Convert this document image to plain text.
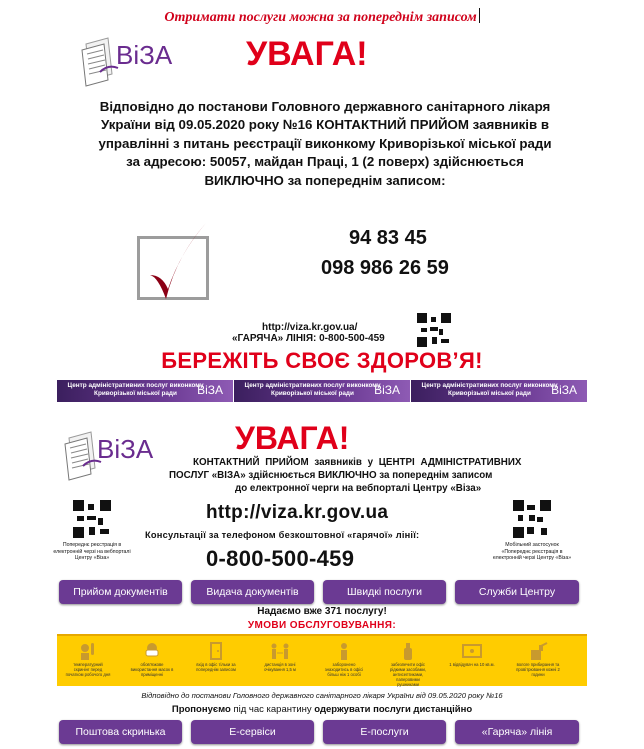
Отримати послуги можна за попереднім записом
ВіЗА УВАГА!
Відповідно до постанови Головного державного санітарного лікаря
України від 09.05.2020 року №16 КОНТАКТНИЙ ПРИЙОМ заявників в
управлінні з питань реєстрації виконкому Криворізької міської ради
за адресою: 50057, майдан Праці, 1 (2 поверх) здійснюється
ВИКЛЮЧНО за попереднім записом:
94 83 45
098 986 26 59
http://viza.kr.gov.ua/
«ГАРЯЧА» ЛІНІЯ: 0-800-500-459
БЕРЕЖІТЬ СВОЄ ЗДОРОВ’Я!
Центр адміністративних послуг виконкому Криворізької міської ради	ВіЗА	Центр адміністративних послуг виконкому Криворізької міської ради	ВіЗА	Центр адміністративних послуг виконкому Криворізької міської ради	ВіЗА
ВіЗА	УВАГА!
КОНТАКТНИЙ ПРИЙОМ заявників у ЦЕНТРІ АДМІНІСТРАТИВНИХ
ПОСЛУГ «ВІЗА» здійснюється ВИКЛЮЧНО за попереднім записом
до електронної черги на вебпорталі Центру «Віза»
Попереднє реєстрація в електронній черзі на вебпорталі Центру «Віза»
Мобільний застосунок «Попереднє реєстрація в електронній черзі Центру «Віза»
http://viza.kr.gov.ua
Консультації за телефоном безкоштовної «гарячої» лінії:
0-800-500-459
Прийом документів	Видача документів	Швидкі послуги	Служби Центру
Надаємо вже 371 послугу!
УМОВИ ОБСЛУГОВУВАННЯ:
температурний скринінг перед початком робочого дня
обов'язкове використання масок в приміщенні
вхід в офіс тільки за попереднім записом
дистанція в зоні очікування 1,5 м
заборонено знаходитись в офісі більш ніж 1 особі
забезпечити офіс рідкими засобами, антисептиками, паперовими рушниками
1 відвідувач на 10 кв.м.	вологе прибирання та провітрювання кожні 2 години
Відповідно до постанови Головного державного санітарного лікаря України від 09.05.2020 року №16
Пропонуємо під час карантину одержувати послуги дистанційно
Поштова скринька	Е-сервіси	Е-послуги	«Гаряча» лінія
